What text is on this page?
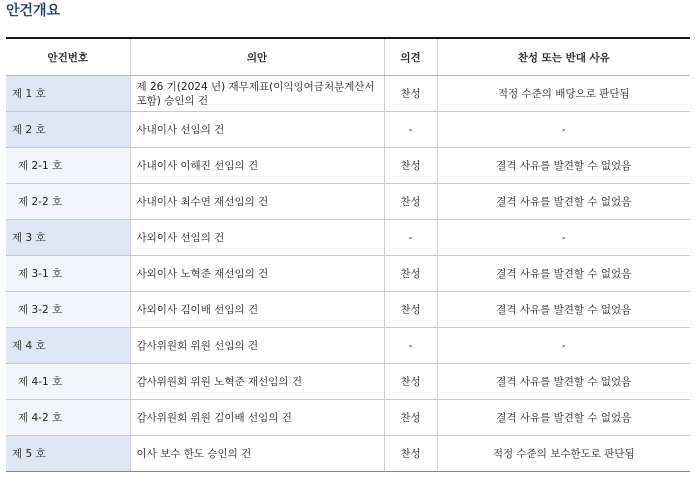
안건개요
안건번호	의안	의견	찬성 또는 반대 사유
제 1 호	제 26 기(2024 년) 재무제표(이익잉여금처분계산서 포함) 승인의 건	찬성	적정 수준의 배당으로 판단됨
제 2 호	사내이사 선임의 건	-	-
제 2-1 호	사내이사 이해진 선임의 건	찬성	결격 사유를 발견할 수 없었음
제 2-2 호	사내이사 최수연 재선임의 건	찬성	결격 사유를 발견할 수 없었음
제 3 호	사외이사 선임의 건	-	-
제 3-1 호	사외이사 노혁준 재선임의 건	찬성	결격 사유를 발견할 수 없었음
제 3-2 호	사외이사 김이배 선임의 건	찬성	결격 사유를 발견할 수 없었음
제 4 호	감사위원회 위원 선임의 건	-	-
제 4-1 호	감사위원회 위원 노혁준 재선임의 건	찬성	결격 사유를 발견할 수 없었음
제 4-2 호	감사위원회 위원 김이배 선임의 건	찬성	결격 사유를 발견할 수 없었음
제 5 호	이사 보수 한도 승인의 건	찬성	적정 수준의 보수한도로 판단됨
